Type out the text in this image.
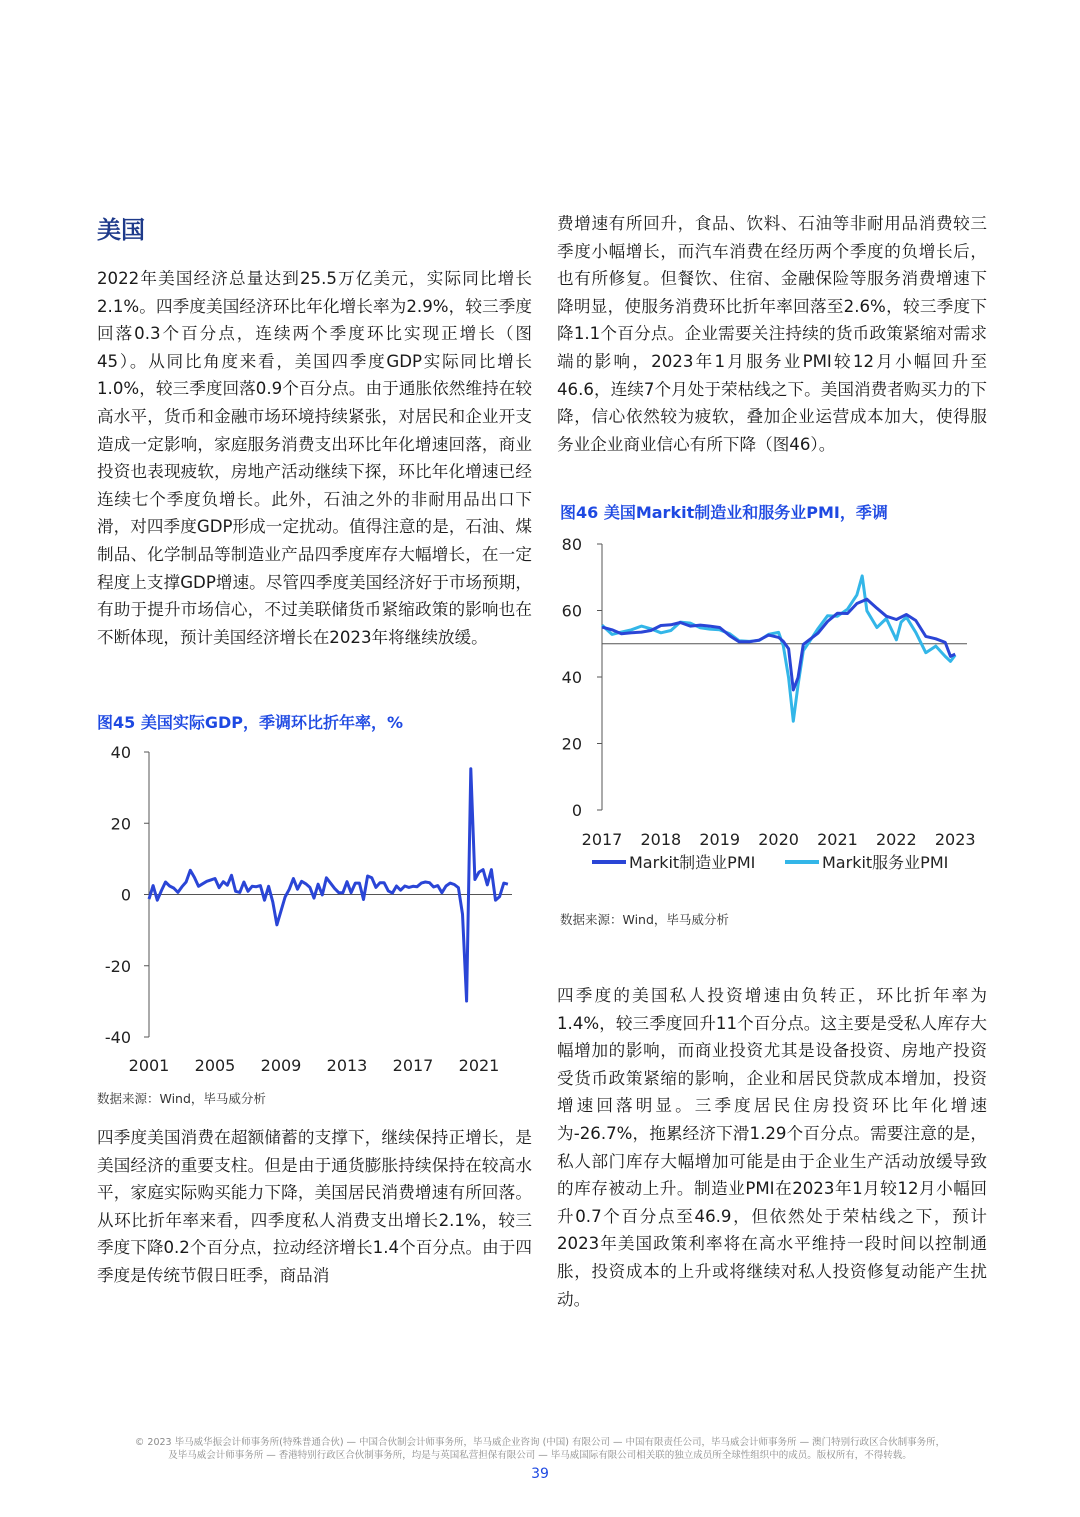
美国

2022年美国经济总量达到25.5万亿美元，实际同比增长2.1%。四季度美国经济环比年化增长率为2.9%，较三季度回落0.3个百分点，连续两个季度环比实现正增长（图45）。从同比角度来看，美国四季度GDP实际同比增长1.0%，较三季度回落0.9个百分点。由于通胀依然维持在较高水平，货币和金融市场环境持续紧张，对居民和企业开支造成一定影响，家庭服务消费支出环比年化增速回落，商业投资也表现疲软，房地产活动继续下探，环比年化增速已经连续七个季度负增长。此外，石油之外的非耐用品出口下滑，对四季度GDP形成一定扰动。值得注意的是，石油、煤制品、化学制品等制造业产品四季度库存大幅增长，在一定程度上支撑GDP增速。尽管四季度美国经济好于市场预期，有助于提升市场信心，不过美联储货币紧缩政策的影响也在不断体现，预计美国经济增长在2023年将继续放缓。

图45 美国实际GDP，季调环比折年率，%

40
20
0
-20
-40
2001 2005 2009 2013 2017 2021
数据来源：Wind，毕马威分析

四季度美国消费在超额储蓄的支撑下，继续保持正增长，是美国经济的重要支柱。但是由于通货膨胀持续保持在较高水平，家庭实际购买能力下降，美国居民消费增速有所回落。从环比折年率来看，四季度私人消费支出增长2.1%，较三季度下降0.2个百分点，拉动经济增长1.4个百分点。由于四季度是传统节假日旺季，商品消

费增速有所回升，食品、饮料、石油等非耐用品消费较三季度小幅增长，而汽车消费在经历两个季度的负增长后，也有所修复。但餐饮、住宿、金融保险等服务消费增速下降明显，使服务消费环比折年率回落至2.6%，较三季度下降1.1个百分点。企业需要关注持续的货币政策紧缩对需求端的影响，2023年1月服务业PMI较12月小幅回升至46.6，连续7个月处于荣枯线之下。美国消费者购买力的下降，信心依然较为疲软，叠加企业运营成本加大，使得服务业企业商业信心有所下降（图46）。

图46 美国Markit制造业和服务业PMI，季调

80
60
40
20
0
2017 2018 2019 2020 2021 2022 2023
Markit制造业PMI	Markit服务业PMI
数据来源：Wind，毕马威分析

四季度的美国私人投资增速由负转正，环比折年率为1.4%，较三季度回升11个百分点。这主要是受私人库存大幅增加的影响，而商业投资尤其是设备投资、房地产投资受货币政策紧缩的影响，企业和居民贷款成本增加，投资增速回落明显。三季度居民住房投资环比年化增速为-26.7%，拖累经济下滑1.29个百分点。需要注意的是，私人部门库存大幅增加可能是由于企业生产活动放缓导致的库存被动上升。制造业PMI在2023年1月较12月小幅回升0.7个百分点至46.9，但依然处于荣枯线之下，预计2023年美国政策利率将在高水平维持一段时间以控制通胀，投资成本的上升或将继续对私人投资修复动能产生扰动。

© 2023 毕马威华振会计师事务所(特殊普通合伙) — 中国合伙制会计师事务所，毕马威企业咨询 (中国) 有限公司 — 中国有限责任公司，毕马威会计师事务所 — 澳门特别行政区合伙制事务所，
及毕马威会计师事务所 — 香港特别行政区合伙制事务所，均是与英国私营担保有限公司 — 毕马威国际有限公司相关联的独立成员所全球性组织中的成员。版权所有，不得转载。
39
